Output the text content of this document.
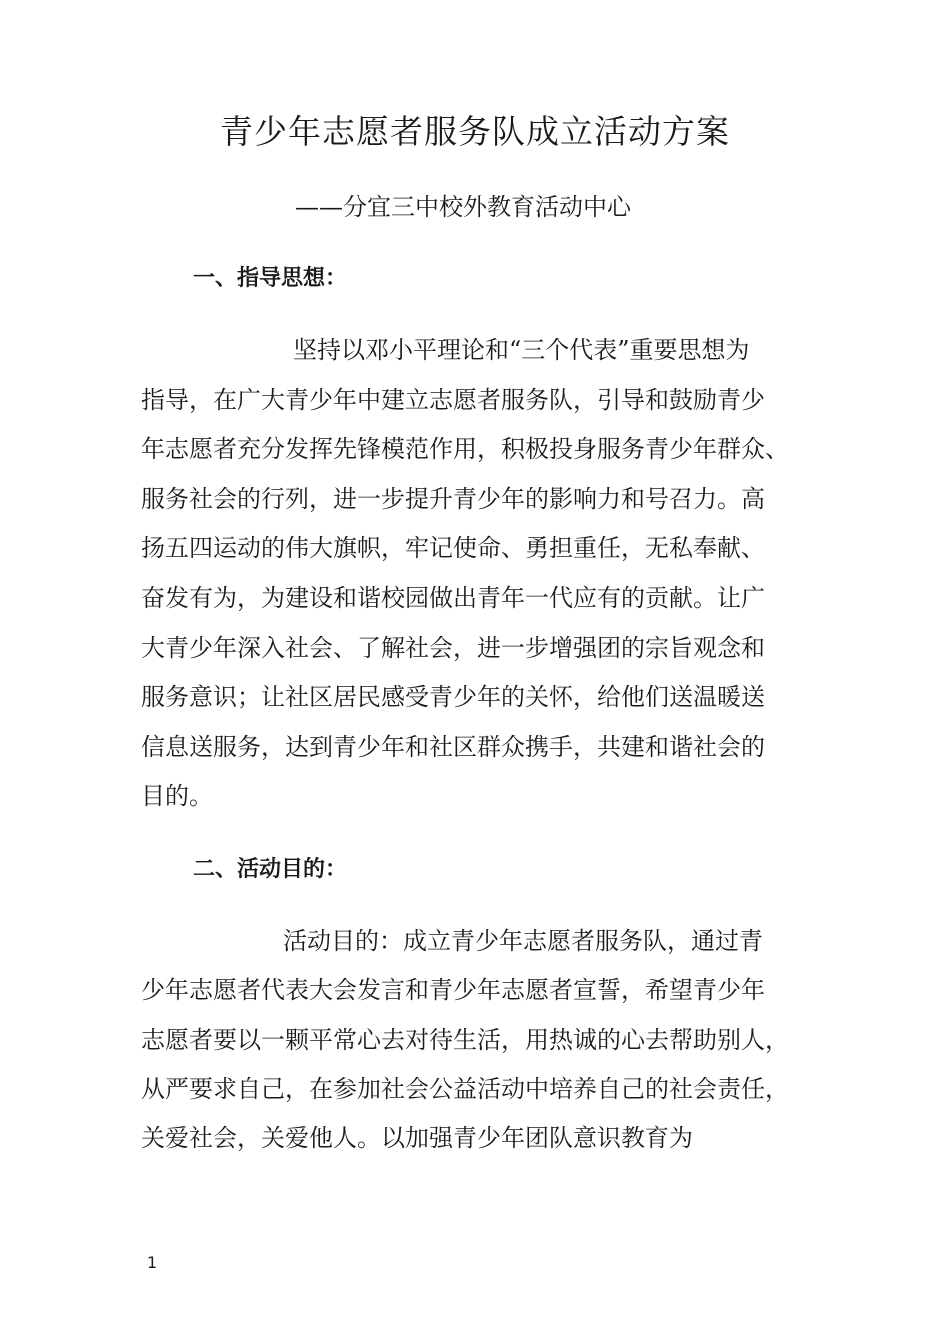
青少年志愿者服务队成立活动方案
——分宜三中校外教育活动中心
一、指导思想：
坚持以邓小平理论和“三个代表”重要思想为
指导，在广大青少年中建立志愿者服务队，引导和鼓励青少
年志愿者充分发挥先锋模范作用，积极投身服务青少年群众、
服务社会的行列，进一步提升青少年的影响力和号召力。高
扬五四运动的伟大旗帜，牢记使命、勇担重任，无私奉献、
奋发有为，为建设和谐校园做出青年一代应有的贡献。让广
大青少年深入社会、了解社会，进一步增强团的宗旨观念和
服务意识；让社区居民感受青少年的关怀，给他们送温暖送
信息送服务，达到青少年和社区群众携手，共建和谐社会的
目的。
二、活动目的：
活动目的：成立青少年志愿者服务队，通过青
少年志愿者代表大会发言和青少年志愿者宣誓，希望青少年
志愿者要以一颗平常心去对待生活，用热诚的心去帮助别人，
从严要求自己，在参加社会公益活动中培养自己的社会责任，
关爱社会，关爱他人。以加强青少年团队意识教育为
1
